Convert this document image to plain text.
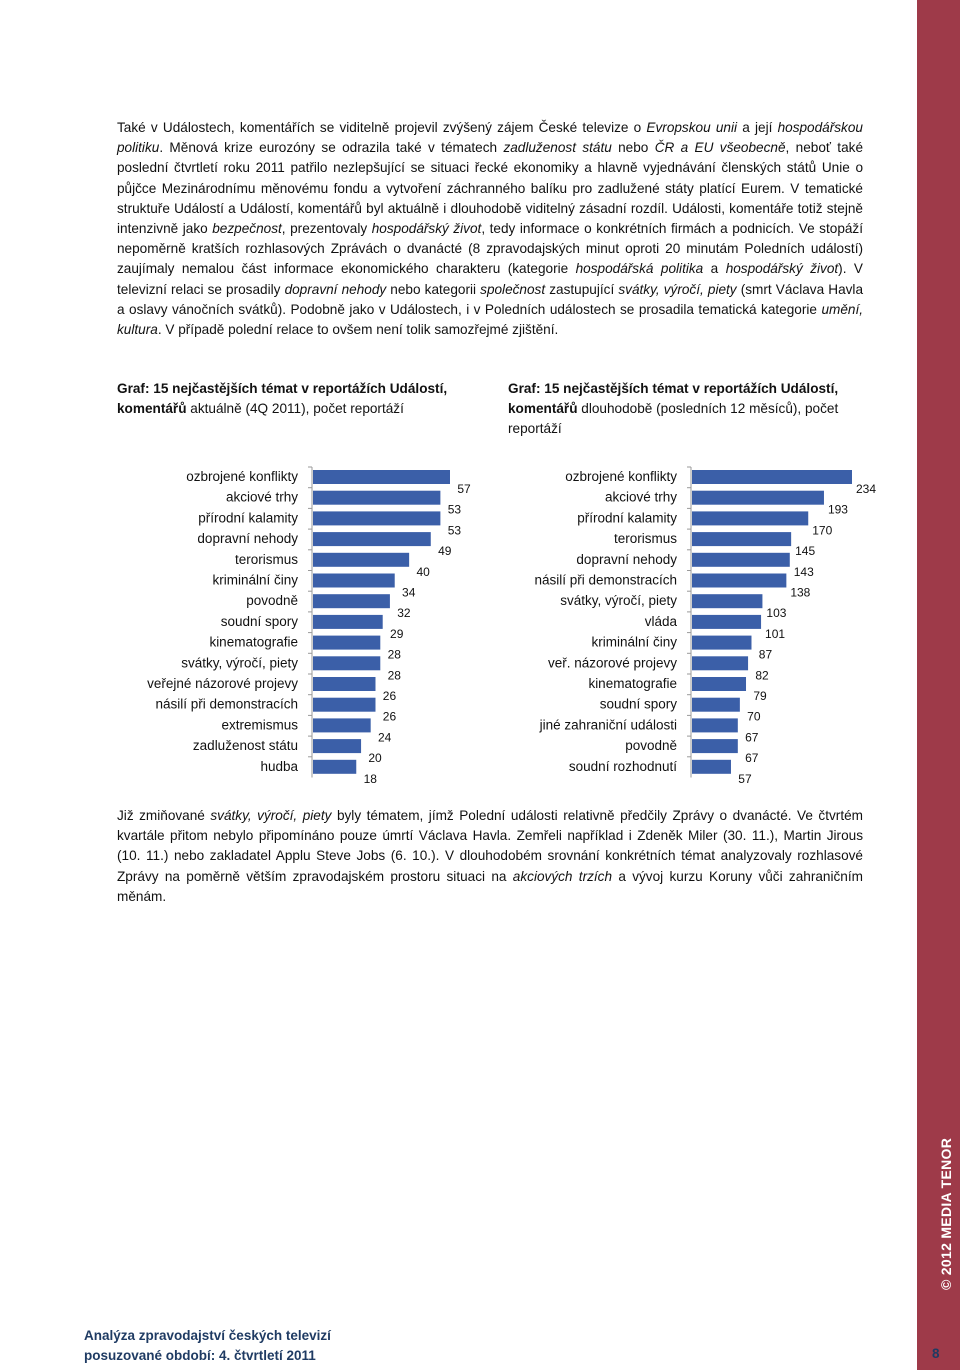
Také v Událostech, komentářích se viditelně projevil zvýšený zájem České televize o Evropskou unii a její hospodářskou politiku. Měnová krize eurozóny se odrazila také v tématech zadluženost státu nebo ČR a EU všeobecně, neboť také poslední čtvrtletí roku 2011 patřilo nezlepšující se situaci řecké ekonomiky a hlavně vyjednávání členských států Unie o půjčce Mezinárodnímu měnovému fondu a vytvoření záchranného balíku pro zadlužené státy platící Eurem. V tematické struktuře Událostí a Událostí, komentářů byl aktuálně i dlouhodobě viditelný zásadní rozdíl. Události, komentáře totiž stejně intenzivně jako bezpečnost, prezentovaly hospodářský život, tedy informace o konkrétních firmách a podnicích. Ve stopáží nepoměrně kratších rozhlasových Zprávách o dvanácté (8 zpravodajských minut oproti 20 minutám Poledních událostí) zaujímaly nemalou část informace ekonomického charakteru (kategorie hospodářská politika a hospodářský život). V televizní relaci se prosadily dopravní nehody nebo kategorii společnost zastupující svátky, výročí, piety (smrt Václava Havla a oslavy vánočních svátků). Podobně jako v Událostech, i v Poledních událostech se prosadila tematická kategorie umění, kultura. V případě polední relace to ovšem není tolik samozřejmé zjištění.
Graf: 15 nejčastějších témat v reportážích Událostí, komentářů aktuálně (4Q 2011), počet reportáží
Graf: 15 nejčastějších témat v reportážích Událostí, komentářů dlouhodobě (posledních 12 měsíců), počet reportáží
ozbrojené konflikty
57
akciové trhy
53
přírodní kalamity
53
dopravní nehody
49
terorismus
40
kriminální činy
34
povodně
32
soudní spory
29
kinematografie
28
svátky, výročí, piety
28
veřejné názorové projevy
26
násilí při demonstracích
26
extremismus
24
zadluženost státu
20
hudba
18
ozbrojené konflikty
234
akciové trhy
193
přírodní kalamity
170
terorismus
145
dopravní nehody
143
násilí při demonstracích
138
svátky, výročí, piety
103
vláda
101
kriminální činy
87
veř. názorové projevy
82
kinematografie
79
soudní spory
70
jiné zahraniční události
67
povodně
67
soudní rozhodnutí
57
Již zmiňované svátky, výročí, piety byly tématem, jímž Polední události relativně předčily Zprávy o dvanácté. Ve čtvrtém kvartále přitom nebylo připomínáno pouze úmrtí Václava Havla. Zemřeli například i Zdeněk Miler (30. 11.), Martin Jirous (10. 11.) nebo zakladatel Applu Steve Jobs (6. 10.). V dlouhodobém srovnání konkrétních témat analyzovaly rozhlasové Zprávy na poměrně větším zpravodajském prostoru situaci na akciových trzích a vývoj kurzu Koruny vůči zahraničním měnám.
© 2012 MEDIA TENOR
Analýza zpravodajství českých televizí
posuzované období: 4. čtvrtletí 2011	8
